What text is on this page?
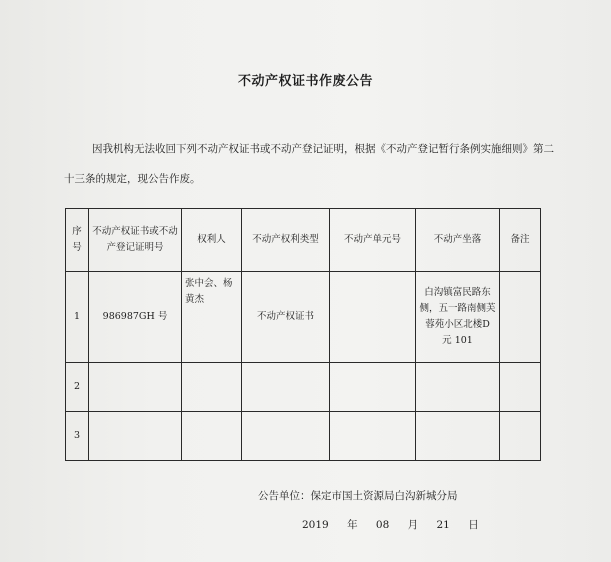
不动产权证书作废公告
因我机构无法收回下列不动产权证书或不动产登记证明，根据《不动产登记暂行条例实施细则》第二十三条的规定，现公告作废。
序号	不动产权证书或不动产登记证明号	权利人	不动产权利类型	不动产单元号	不动产坐落	备注
1	986987GH 号	张中会、杨黄杰	不动产权证书		白沟镇富民路东侧，五一路南侧芙蓉苑小区北楼D 元 101	
2						
3						
公告单位：保定市国土资源局白沟新城分局
2019 年 08 月 21 日
